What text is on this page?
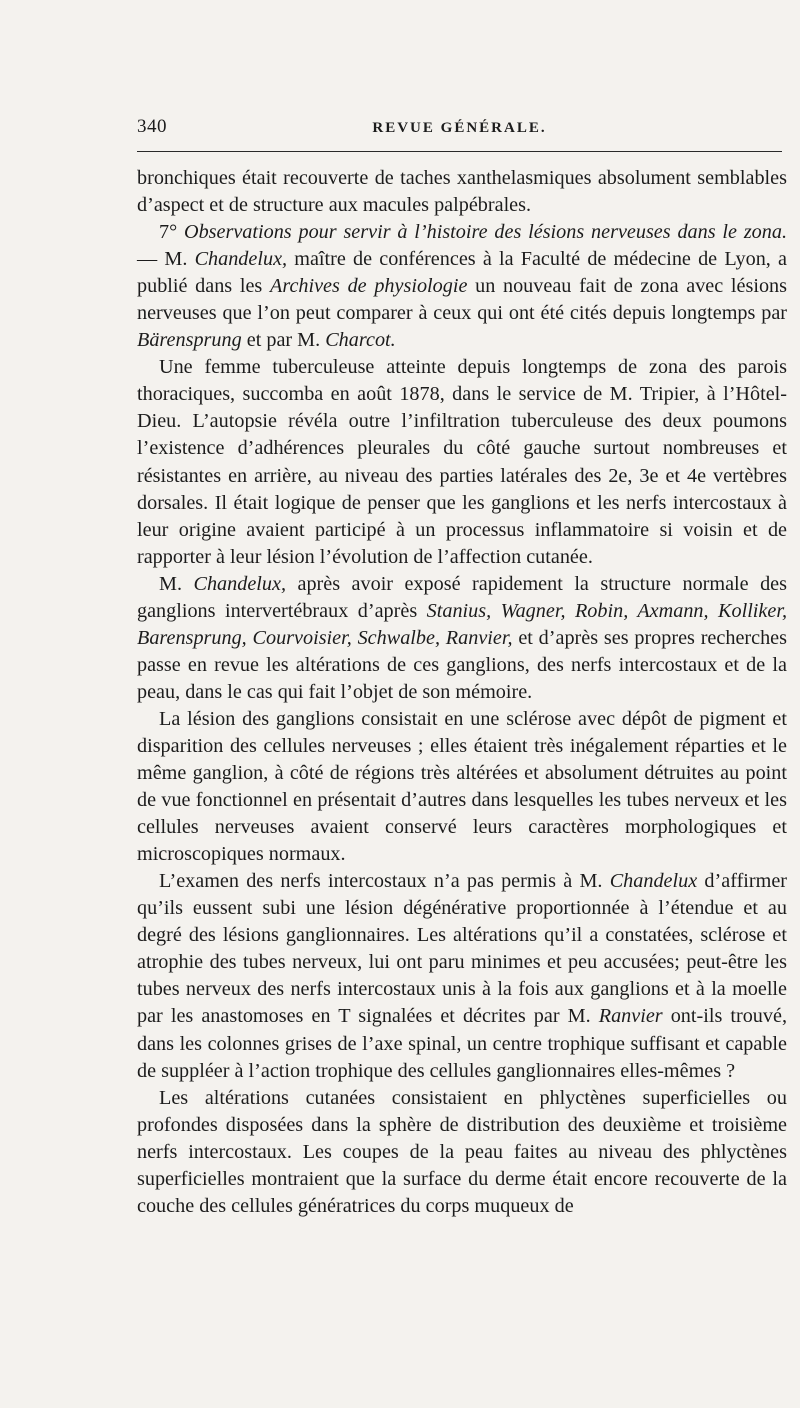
340	REVUE GÉNÉRALE.

bronchiques était recouverte de taches xanthelasmiques absolument semblables d’aspect et de structure aux macules palpébrales.

7° Observations pour servir à l’histoire des lésions nerveuses dans le zona. — M. Chandelux, maître de conférences à la Faculté de médecine de Lyon, a publié dans les Archives de physiologie un nouveau fait de zona avec lésions nerveuses que l’on peut comparer à ceux qui ont été cités depuis longtemps par Bärensprung et par M. Charcot.

Une femme tuberculeuse atteinte depuis longtemps de zona des parois thoraciques, succomba en août 1878, dans le service de M. Tripier, à l’Hôtel-Dieu. L’autopsie révéla outre l’infiltration tuberculeuse des deux poumons l’existence d’adhérences pleurales du côté gauche surtout nombreuses et résistantes en arrière, au niveau des parties latérales des 2e, 3e et 4e vertèbres dorsales. Il était logique de penser que les ganglions et les nerfs intercostaux à leur origine avaient participé à un processus inflammatoire si voisin et de rapporter à leur lésion l’évolution de l’affection cutanée.

M. Chandelux, après avoir exposé rapidement la structure normale des ganglions intervertébraux d’après Stanius, Wagner, Robin, Axmann, Kolliker, Barensprung, Courvoisier, Schwalbe, Ranvier, et d’après ses propres recherches passe en revue les altérations de ces ganglions, des nerfs intercostaux et de la peau, dans le cas qui fait l’objet de son mémoire.

La lésion des ganglions consistait en une sclérose avec dépôt de pigment et disparition des cellules nerveuses ; elles étaient très inégalement réparties et le même ganglion, à côté de régions très altérées et absolument détruites au point de vue fonctionnel en présentait d’autres dans lesquelles les tubes nerveux et les cellules nerveuses avaient conservé leurs caractères morphologiques et microscopiques normaux.

L’examen des nerfs intercostaux n’a pas permis à M. Chandelux d’affirmer qu’ils eussent subi une lésion dégénérative proportionnée à l’étendue et au degré des lésions ganglionnaires. Les altérations qu’il a constatées, sclérose et atrophie des tubes nerveux, lui ont paru minimes et peu accusées; peut-être les tubes nerveux des nerfs intercostaux unis à la fois aux ganglions et à la moelle par les anastomoses en T signalées et décrites par M. Ranvier ont-ils trouvé, dans les colonnes grises de l’axe spinal, un centre trophique suffisant et capable de suppléer à l’action trophique des cellules ganglionnaires elles-mêmes ?

Les altérations cutanées consistaient en phlyctènes superficielles ou profondes disposées dans la sphère de distribution des deuxième et troisième nerfs intercostaux. Les coupes de la peau faites au niveau des phlyctènes superficielles montraient que la surface du derme était encore recouverte de la couche des cellules génératrices du corps muqueux de
